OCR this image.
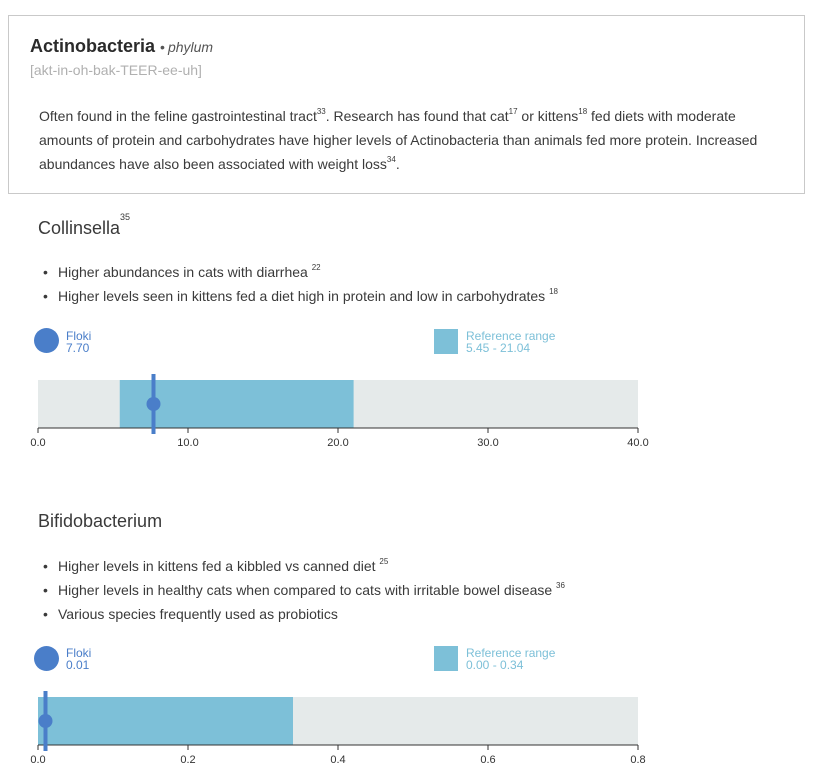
Actinobacteria • phylum
[akt-in-oh-bak-TEER-ee-uh]
Often found in the feline gastrointestinal tract$^{33}$. Research has found that cat$^{17}$ or kittens$^{18}$ fed diets with moderate amounts of protein and carbohydrates have higher levels of Actinobacteria than animals fed more protein. Increased abundances have also been associated with weight loss$^{34}$.
Collinsella$^{35}$
• Higher abundances in cats with diarrhea $^{22}$
• Higher levels seen in kittens fed a diet high in protein and low in carbohydrates $^{18}$
Floki
7.70
Reference range
5.45 - 21.04
Bifidobacterium
• Higher levels in kittens fed a kibbled vs canned diet $^{25}$
• Higher levels in healthy cats when compared to cats with irritable bowel disease $^{36}$
• Various species frequently used as probiotics
Floki
0.01
Reference range
0.00 - 0.34
0.0	10.0	20.0	30.0	40.0
0.0	0.2	0.4	0.6	0.8
